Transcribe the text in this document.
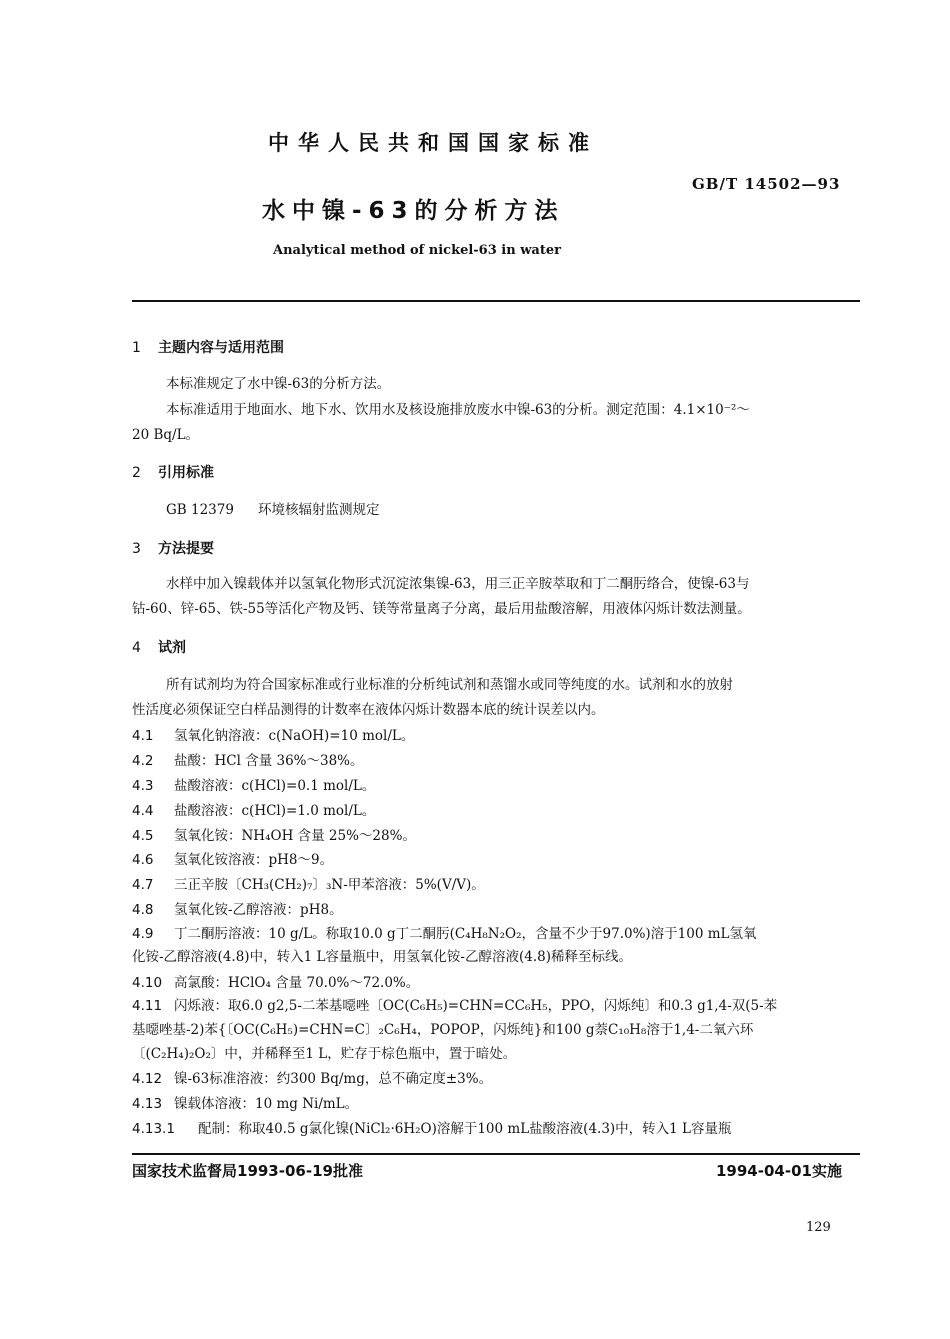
中华人民共和国国家标准
GB/T 14502—93
水中镍-63的分析方法
Analytical method of nickel-63 in water
1 主题内容与适用范围
本标准规定了水中镍-63的分析方法。
本标准适用于地面水、地下水、饮用水及核设施排放废水中镍-63的分析。测定范围：4.1×10⁻²～
20 Bq/L。
2 引用标准
GB 12379 环境核辐射监测规定
3 方法提要
水样中加入镍载体并以氢氧化物形式沉淀浓集镍-63，用三正辛胺萃取和丁二酮肟络合，使镍-63与
钴-60、锌-65、铁-55等活化产物及钙、镁等常量离子分离，最后用盐酸溶解，用液体闪烁计数法测量。
4 试剂
所有试剂均为符合国家标准或行业标准的分析纯试剂和蒸馏水或同等纯度的水。试剂和水的放射
性活度必须保证空白样品测得的计数率在液体闪烁计数器本底的统计误差以内。
4.1 氢氧化钠溶液：c(NaOH)=10 mol/L。
4.2 盐酸：HCl 含量 36%～38%。
4.3 盐酸溶液：c(HCl)=0.1 mol/L。
4.4 盐酸溶液：c(HCl)=1.0 mol/L。
4.5 氢氧化铵：NH₄OH 含量 25%～28%。
4.6 氢氧化铵溶液：pH8～9。
4.7 三正辛胺〔CH₃(CH₂)₇〕₃N-甲苯溶液：5%(V/V)。
4.8 氢氧化铵-乙醇溶液：pH8。
4.9 丁二酮肟溶液：10 g/L。称取10.0 g丁二酮肟(C₄H₈N₂O₂，含量不少于97.0%)溶于100 mL氢氧
化铵-乙醇溶液(4.8)中，转入1 L容量瓶中，用氢氧化铵-乙醇溶液(4.8)稀释至标线。
4.10 高氯酸：HClO₄ 含量 70.0%～72.0%。
4.11 闪烁液：取6.0 g2,5-二苯基噁唑〔OC(C₆H₅)=CHN=CC₆H₅，PPO，闪烁纯〕和0.3 g1,4-双(5-苯
基噁唑基-2)苯{〔OC(C₆H₅)=CHN=C〕₂C₆H₄，POPOP，闪烁纯}和100 g萘C₁₀H₈溶于1,4-二氧六环
〔(C₂H₄)₂O₂〕中，并稀释至1 L，贮存于棕色瓶中，置于暗处。
4.12 镍-63标准溶液：约300 Bq/mg，总不确定度±3%。
4.13 镍载体溶液：10 mg Ni/mL。
4.13.1 配制：称取40.5 g氯化镍(NiCl₂·6H₂O)溶解于100 mL盐酸溶液(4.3)中，转入1 L容量瓶
国家技术监督局1993-06-19批准	1994-04-01实施
129
